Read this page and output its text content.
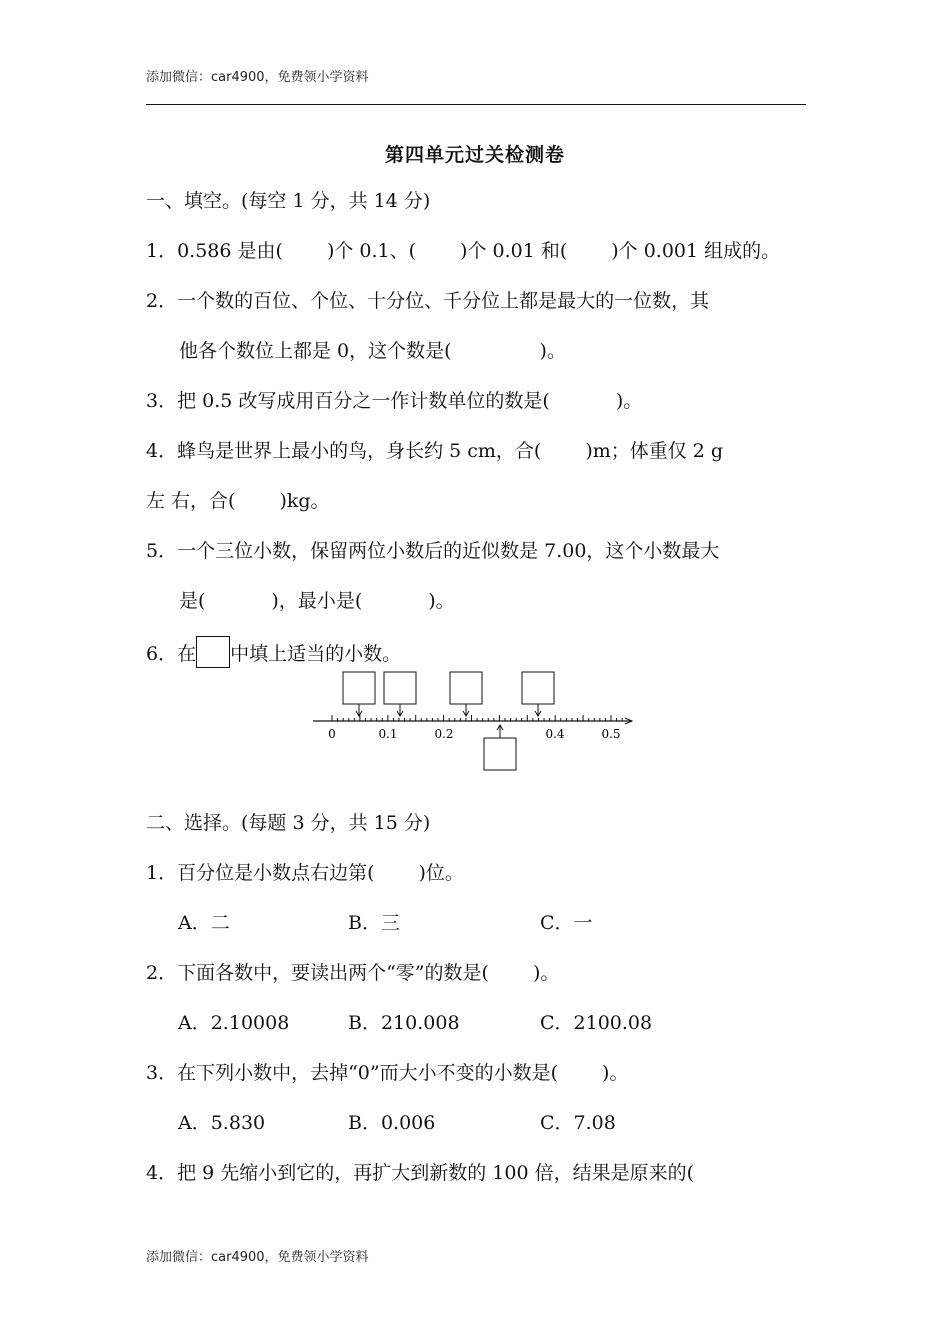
添加微信：car4900，免费领小学资料
第四单元过关检测卷
一、填空。(每空 1 分，共 14 分)
1．0.586 是由( )个 0.1、( )个 0.01 和( )个 0.001 组成的。
2．一个数的百位、个位、十分位、千分位上都是最大的一位数，其
他各个数位上都是 0，这个数是(	)。
3．把 0.5 改写成用百分之一作计数单位的数是(	)。
4．蜂鸟是世界上最小的鸟，身长约 5 cm，合( )m；体重仅 2 g
左 右，合( )kg。
5．一个三位小数，保留两位小数后的近似数是 7.00，这个小数最大
是(	)，最小是(	)。
6．在 中填上适当的小数。
0	0.1	0.2	0.4	0.5
二、选择。(每题 3 分，共 15 分)
1．百分位是小数点右边第( )位。
A．二	B．三	C．一
2．下面各数中，要读出两个“零”的数是( )。
A．2.10008	B．210.008	C．2100.08
3．在下列小数中，去掉“0”而大小不变的小数是( )。
A．5.830	B．0.006	C．7.08
4．把 9 先缩小到它的，再扩大到新数的 100 倍，结果是原来的(
添加微信：car4900，免费领小学资料
